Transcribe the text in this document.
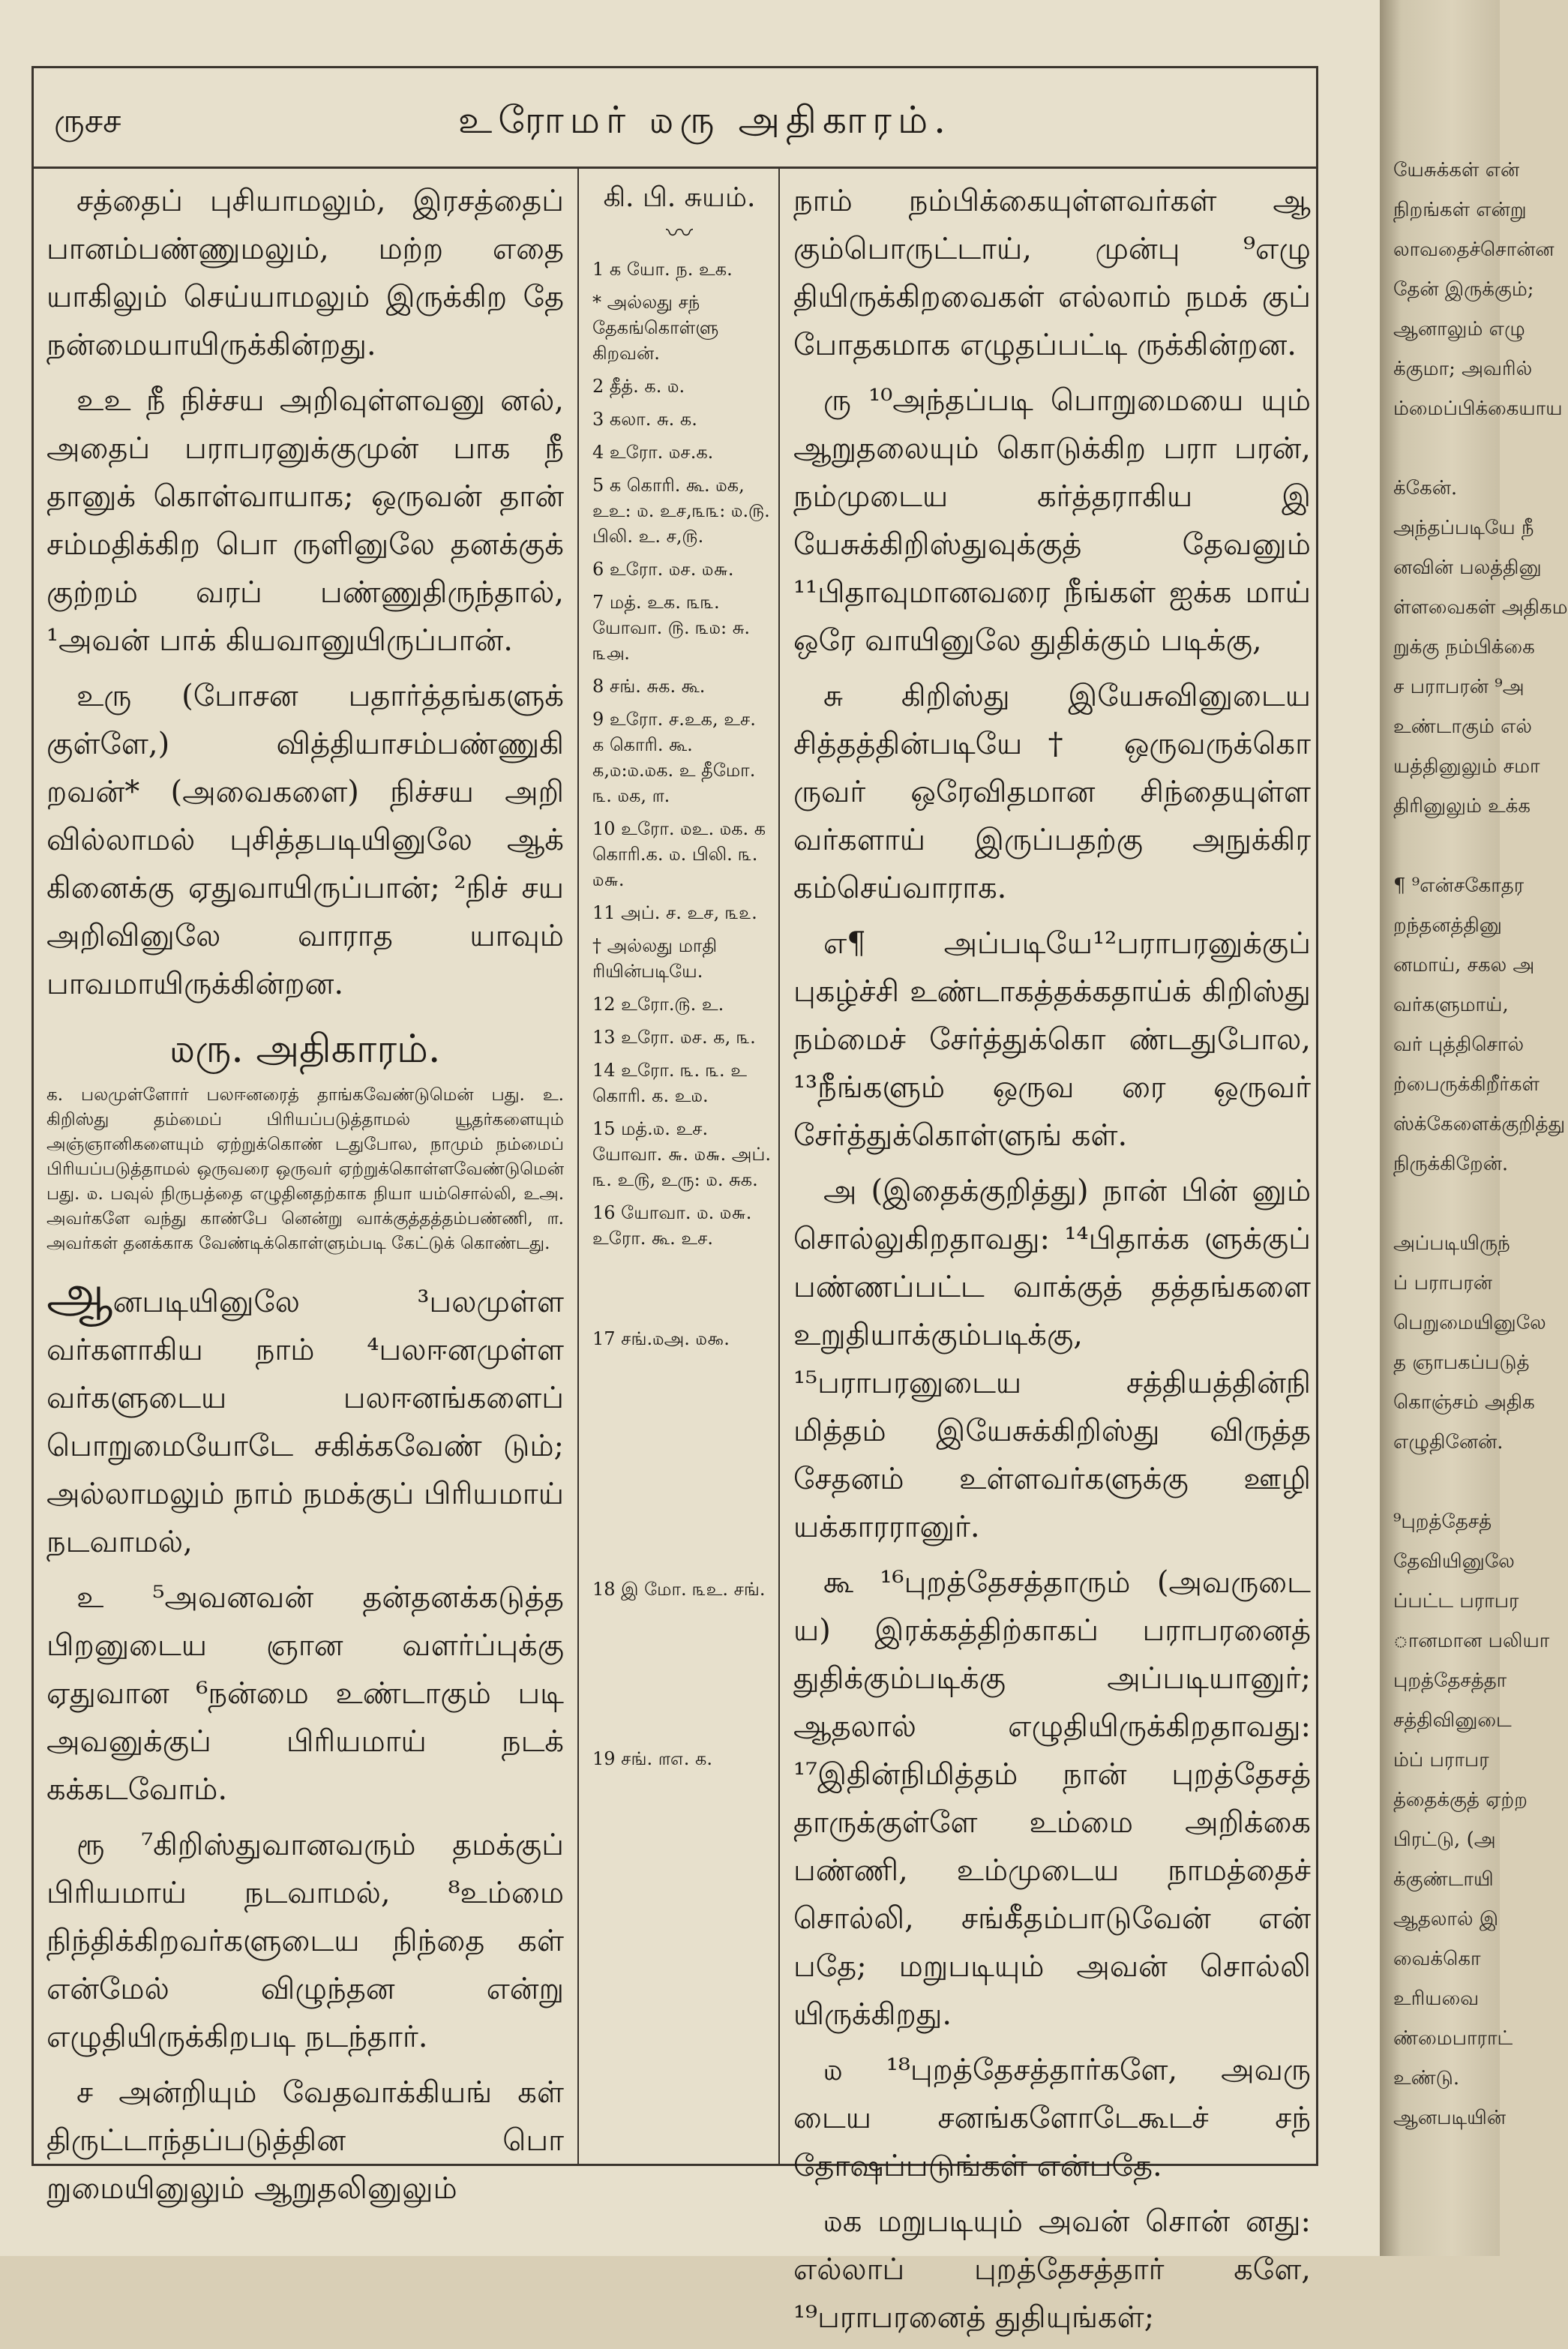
ருசச	உரோமர் ௰ரு அதிகாரம்.

சத்தைப் புசியாமலும், இரசத்தைப் பானம்பண்ணுமலும், மற்ற எதை யாகிலும் செய்யாமலும் இருக்கிற தே நன்மையாயிருக்கின்றது.

உஉ நீ நிச்சய அறிவுள்ளவனு னல், அதைப் பராபரனுக்குமுன் பாக நீ தானுக் கொள்வாயாக; ஒருவன் தான் சம்மதிக்கிற பொ ருளினுலே தனக்குக் குற்றம் வரப் பண்ணுதிருந்தால், ¹அவன் பாக் கியவானுயிருப்பான்.

உரு (போசன பதார்த்தங்களுக் குள்ளே,) வித்தியாசம்பண்ணுகி றவன்* (அவைகளை) நிச்சய அறி வில்லாமல் புசித்தபடியினுலே ஆக் கினைக்கு ஏதுவாயிருப்பான்; ²நிச் சய அறிவினுலே வாராத யாவும் பாவமாயிருக்கின்றன.

௰ரு. அதிகாரம்.
க. பலமுள்ளோர் பலஈனரைத் தாங்கவேண்டுமென் பது. உ. கிறிஸ்து தம்மைப் பிரியப்படுத்தாமல் யூதர்களையும் அஞ்ஞானிகளையும் ஏற்றுக்கொண் டதுபோல, நாமும் நம்மைப் பிரியப்படுத்தாமல் ஒருவரை ஒருவர் ஏற்றுக்கொள்ளவேண்டுமென் பது. ௰. பவுல் நிருபத்தை எழுதினதற்காக நியா யம்சொல்லி, உஅ. அவர்களே வந்து காண்பே னென்று வாக்குத்தத்தம்பண்ணி, ௱. அவர்கள் தனக்காக வேண்டிக்கொள்ளும்படி கேட்டுக் கொண்டது.

ஆனபடியினுலே ³பலமுள்ள வர்களாகிய நாம் ⁴பலஈனமுள்ள வர்களுடைய பலஈனங்களைப் பொறுமையோடே சகிக்கவேண் டும்; அல்லாமலும் நாம் நமக்குப் பிரியமாய் நடவாமல்,

உ ⁵அவனவன் தன்தனக்கடுத்த பிறனுடைய ஞான வளர்ப்புக்கு ஏதுவான ⁶நன்மை உண்டாகும் படி அவனுக்குப் பிரியமாய் நடக் கக்கடவோம்.

ரூ ⁷கிறிஸ்துவானவரும் தமக்குப் பிரியமாய் நடவாமல், ⁸உம்மை நிந்திக்கிறவர்களுடைய நிந்தை கள் என்மேல் விழுந்தன என்று எழுதியிருக்கிறபடி நடந்தார்.

ச அன்றியும் வேதவாக்கியங் கள் திருட்டாந்தப்படுத்தின பொ றுமையினுலும் ஆறுதலினுலும்

கி. பி. சுயம்.
〰
1 க யோ. ந. உக.
* அல்லது சந் தேகங்கொள்ளு கிறவன்.
2 தீத். க. ௰.
3 கலா. சு. க.
4 உரோ. ௰ச.க.
5 க கொரி. கூ. ௰க, உஉ: ௰. உச,௩௩: ௰.௫. பிலி. உ. ச,௫.
6 உரோ. ௰ச. ௰௬.
7 மத். உக. ௩௩. யோவா. ௫. ௩௰: சு. ௩௮.
8 சங். சுக. கூ.
9 உரோ. ச.உக, உச. க கொரி. கூ. க,௰:௰.௰க. உ தீமோ. ௩. ௰க, ௱.
10 உரோ. ௰உ. ௰க. க கொரி.க. ௰. பிலி. ௩. ௰௬.
11 அப். ச. உச, ௩௨.
† அல்லது மாதி ரியின்படியே.
12 உரோ.௫. உ.
13 உரோ. ௰ச. க, ௩.
14 உரோ. ௩. ௩. உ கொரி. க. உ௰.
15 மத்.௰. உச. யோவா. ௬. ௰௬. அப். ௩. உ௫, உரு: ௰. சுக.
16 யோவா. ௰. ௰௬. உரோ. கூ. உச.
17 சங்.௰அ. ௰௯.
18 இ மோ. ௩உ. சங்.
19 சங். ௱௭. க.

நாம் நம்பிக்கையுள்ளவர்கள் ஆ கும்பொருட்டாய், முன்பு ⁹எழு தியிருக்கிறவைகள் எல்லாம் நமக் குப் போதகமாக எழுதப்பட்டி ருக்கின்றன.

ரு ¹⁰அந்தப்படி பொறுமையை யும் ஆறுதலையும் கொடுக்கிற பரா பரன், நம்முடைய கர்த்தராகிய இ யேசுக்கிறிஸ்துவுக்குத் தேவனும் ¹¹பிதாவுமானவரை நீங்கள் ஐக்க மாய் ஒரே வாயினுலே துதிக்கும் படிக்கு,

சு கிறிஸ்து இயேசுவினுடைய சித்தத்தின்படியே† ஒருவருக்கொ ருவர் ஒரேவிதமான சிந்தையுள்ள வர்களாய் இருப்பதற்கு அநுக்கிர கம்செய்வாராக.

எ¶ அப்படியே¹²பராபரனுக்குப் புகழ்ச்சி உண்டாகத்தக்கதாய்க் கிறிஸ்து நம்மைச் சேர்த்துக்கொ ண்டதுபோல, ¹³நீங்களும் ஒருவ ரை ஒருவர் சேர்த்துக்கொள்ளுங் கள்.

அ (இதைக்குறித்து) நான் பின் னும் சொல்லுகிறதாவது: ¹⁴பிதாக்க ளுக்குப் பண்ணப்பட்ட வாக்குத் தத்தங்களை உறுதியாக்கும்படிக்கு, ¹⁵பராபரனுடைய சத்தியத்தின்நி மித்தம் இயேசுக்கிறிஸ்து விருத்த சேதனம் உள்ளவர்களுக்கு ஊழி யக்காரரானுர்.

கூ ¹⁶புறத்தேசத்தாரும் (அவருடை ய) இரக்கத்திற்காகப் பராபரனைத் துதிக்கும்படிக்கு அப்படியானுர்; ஆதலால் எழுதியிருக்கிறதாவது: ¹⁷இதின்நிமித்தம் நான் புறத்தேசத் தாருக்குள்ளே உம்மை அறிக்கை பண்ணி, உம்முடைய நாமத்தைச் சொல்லி, சங்கீதம்பாடுவேன் என் பதே; மறுபடியும் அவன் சொல்லி யிருக்கிறது.

௰ ¹⁸புறத்தேசத்தார்களே, அவரு டைய சனங்களோடேகூடச் சந் தோஷப்படுங்கள் என்பதே.

௰க மறுபடியும் அவன் சொன் னது: எல்லாப் புறத்தேசத்தார் களே, ¹⁹பராபரனைத் துதியுங்கள்;

யேசுக்கள் என்
நிறங்கள் என்று
லாவதைச்சொன்ன
தேன் இருக்கும்;
ஆனாலும் எழு
க்குமா; அவரில்
ம்மைப்பிக்கையாய
க்கேன்.
அந்தப்படியே நீ
னவின் பலத்தினு
ள்ளவைகள் அதிகம
றுக்கு நம்பிக்கை
ச பராபரன் ⁹அ
உண்டாகும் எல்
யத்தினுலும் சமா
திரினுலும் உக்க
¶ ⁹என்சகோதர
றந்தனத்தினு
னமாய், சகல அ
வர்களுமாய்,
வர் புத்திசொல்
ற்பைருக்கிறீர்கள்
ஸ்க்கேளைக்குறித்து
நிருக்கிறேன்.
அப்படியிருந்
ப் பராபரன்
பெறுமையினுலே
த ஞாபகப்படுத்
கொஞ்சம் அதிக
எழுதினேன்.
⁹புறத்தேசத்
தேவியினுலே
ப்பட்ட பராபர
ானமான பலியா
புறத்தேசத்தா
சத்திவினுடை
ம்ப் பராபர
த்தைக்குத் ஏற்ற
பிரட்டு, (அ
க்குண்டாயி
ஆதலால் இ
வைக்கொ
உரியவை
ண்மைபாராட்
உண்டு.
ஆனபடியின்
